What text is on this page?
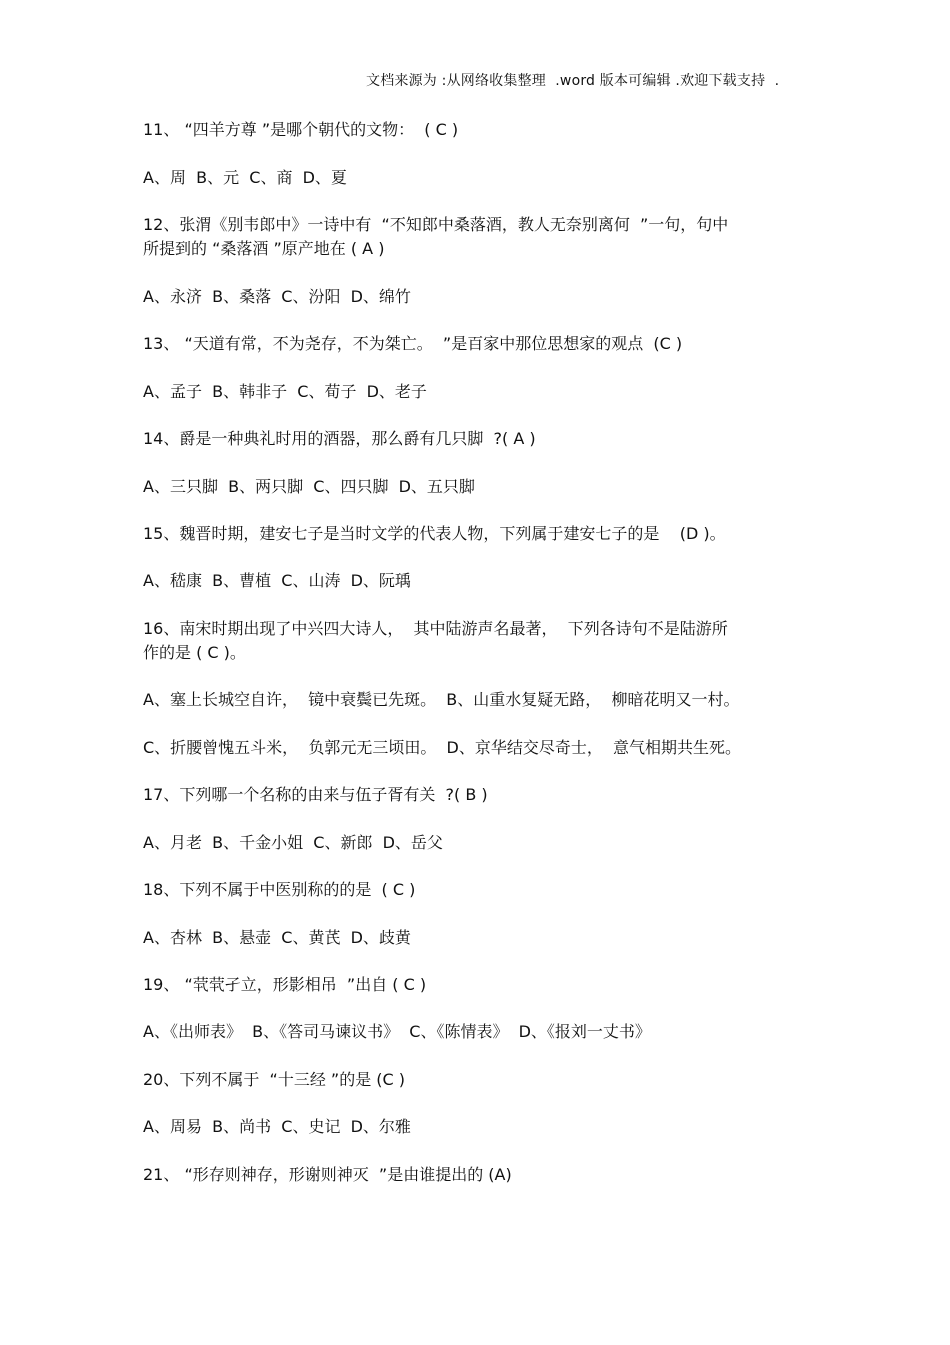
文档来源为 :从网络收集整理  .word 版本可编辑 .欢迎下载支持  .
11、 “四羊方尊 ”是哪个朝代的文物：  ( C )
A、周  B、元  C、商  D、夏
12、张渭《别韦郎中》一诗中有  “不知郎中桑落酒，教人无奈别离何  ”一句，句中
所提到的 “桑落酒 ”原产地在 ( A )
A、永济  B、桑落  C、汾阳  D、绵竹
13、 “天道有常，不为尧存，不为桀亡。  ”是百家中那位思想家的观点  (C )
A、孟子  B、韩非子  C、荀子  D、老子
14、爵是一种典礼时用的酒器，那么爵有几只脚  ?( A )
A、三只脚  B、两只脚  C、四只脚  D、五只脚
15、魏晋时期，建安七子是当时文学的代表人物，下列属于建安七子的是    (D )。
A、嵇康  B、曹植  C、山涛  D、阮瑀
16、南宋时期出现了中兴四大诗人，  其中陆游声名最著，  下列各诗句不是陆游所
作的是 ( C )。
A、塞上长城空自许，  镜中衰鬓已先斑。  B、山重水复疑无路，  柳暗花明又一村。
C、折腰曾愧五斗米，  负郭元无三顷田。  D、京华结交尽奇士，  意气相期共生死。
17、下列哪一个名称的由来与伍子胥有关  ?( B )
A、月老  B、千金小姐  C、新郎  D、岳父
18、下列不属于中医别称的的是  ( C )
A、杏林  B、悬壶  C、黄芪  D、歧黄
19、 “茕茕孑立，形影相吊  ”出自 ( C )
A、《出师表》  B、《答司马谏议书》  C、《陈情表》  D、《报刘一丈书》
20、下列不属于  “十三经 ”的是 (C )
A、周易  B、尚书  C、史记  D、尔雅
21、 “形存则神存，形谢则神灭  ”是由谁提出的 (A)
